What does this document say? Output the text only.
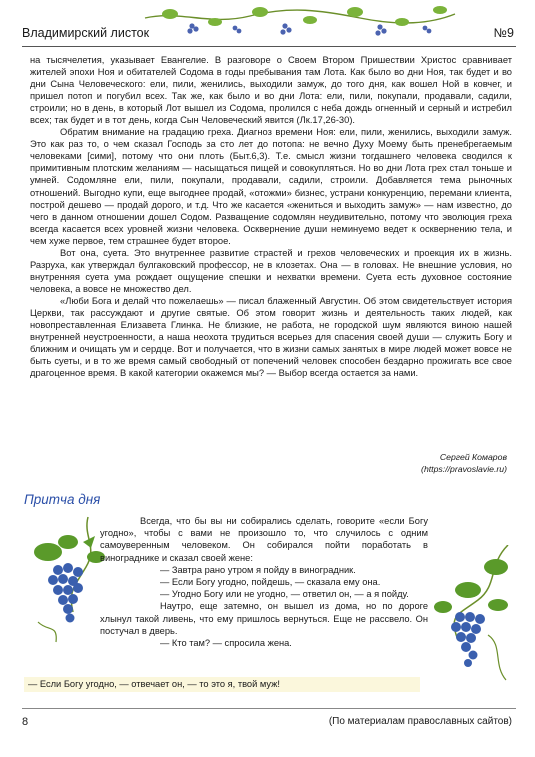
Владимирский листок	№9

на тысячелетия, указывает Евангелие. В разговоре о Своем Втором Пришествии Христос сравнивает жителей эпохи Ноя и обитателей Содома в годы пребывания там Лота. Как было во дни Ноя, так будет и во дни Сына Человеческого: ели, пили, женились, выходили замуж, до того дня, как вошел Ной в ковчег, и пришел потоп и погубил всех. Так же, как было и во дни Лота: ели, пили, покупали, продавали, садили, строили; но в день, в который Лот вышел из Содома, пролился с неба дождь огненный и серный и истребил всех; так будет и в тот день, когда Сын Человеческий явится (Лк.17,26-30).

Обратим внимание на градацию греха. Диагноз времени Ноя: ели, пили, женились, выходили замуж. Это как раз то, о чем сказал Господь за сто лет до потопа: не вечно Духу Моему быть пренебрегаемым человеками [сими], потому что они плоть (Быт.6,3). Т.е. смысл жизни тогдашнего человека сводился к примитивным плотским желаниям — насыщаться пищей и совокупляться. Но во дни Лота грех стал тоньше и умней. Содомляне ели, пили, покупали, продавали, садили, строили. Добавляется тема рыночных отношений. Выгодно купи, еще выгоднее продай, «отожми» бизнес, устрани конкуренцию, перемани клиента, построй дешево — продай дорого, и т.д. Что же касается «жениться и выходить замуж» — нам известно, до чего в данном отношении дошел Содом. Разващение содомлян неудивительно, потому что эволюция греха всегда касается всех уровней жизни человека. Осквернение души неминуемо ведет к осквернению тела, и чем хуже первое, тем страшнее будет второе.

Вот она, суета. Это внутреннее развитие страстей и грехов человеческих и проекция их в жизнь. Разруха, как утверждал булгаковский профессор, не в клозетах. Она — в головах. Не внешние условия, но внутренняя суета ума рождает ощущение спешки и нехватки времени. Суета есть духовное состояние человека, а вовсе не множество дел.

«Люби Бога и делай что пожелаешь» — писал блаженный Августин. Об этом свидетельствует история Церкви, так рассуждают и другие святые. Об этом говорит жизнь и деятельность таких людей, как новопреставленная Елизавета Глинка. Не близкие, не работа, не городской шум являются виною нашей внутренней неустроенности, а наша неохота трудиться всерьез для спасения своей души — служить Богу и ближним и очищать ум и сердце. Вот и получается, что в жизни самых занятых в мире людей может вовсе не быть суеты, и в то же время самый свободный от попечений человек способен бездарно прожигать все свое драгоценное время. В какой категории окажемся мы? — Выбор всегда остается за нами.

Сергей Комаров
(https://pravoslavie.ru)
Притча дня

Всегда, что бы вы ни собирались сделать, говорите «если Богу угодно», чтобы с вами не произошло то, что случилось с одним самоуверенным человеком. Он собирался пойти поработать в винограднике и сказал своей жене:

— Завтра рано утром я пойду в виноградник.

— Если Богу угодно, пойдешь, — сказала ему она.

— Угодно Богу или не угодно, — ответил он, — а я пойду.

Наутро, еще затемно, он вышел из дома, но по дороге хлынул такой ливень, что ему пришлось вернуться. Еще не рассвело. Он постучал в дверь.

— Кто там? — спросила жена.

— Если Богу угодно, — отвечает он, — то это я, твой муж!
8	(По материалам православных сайтов)
